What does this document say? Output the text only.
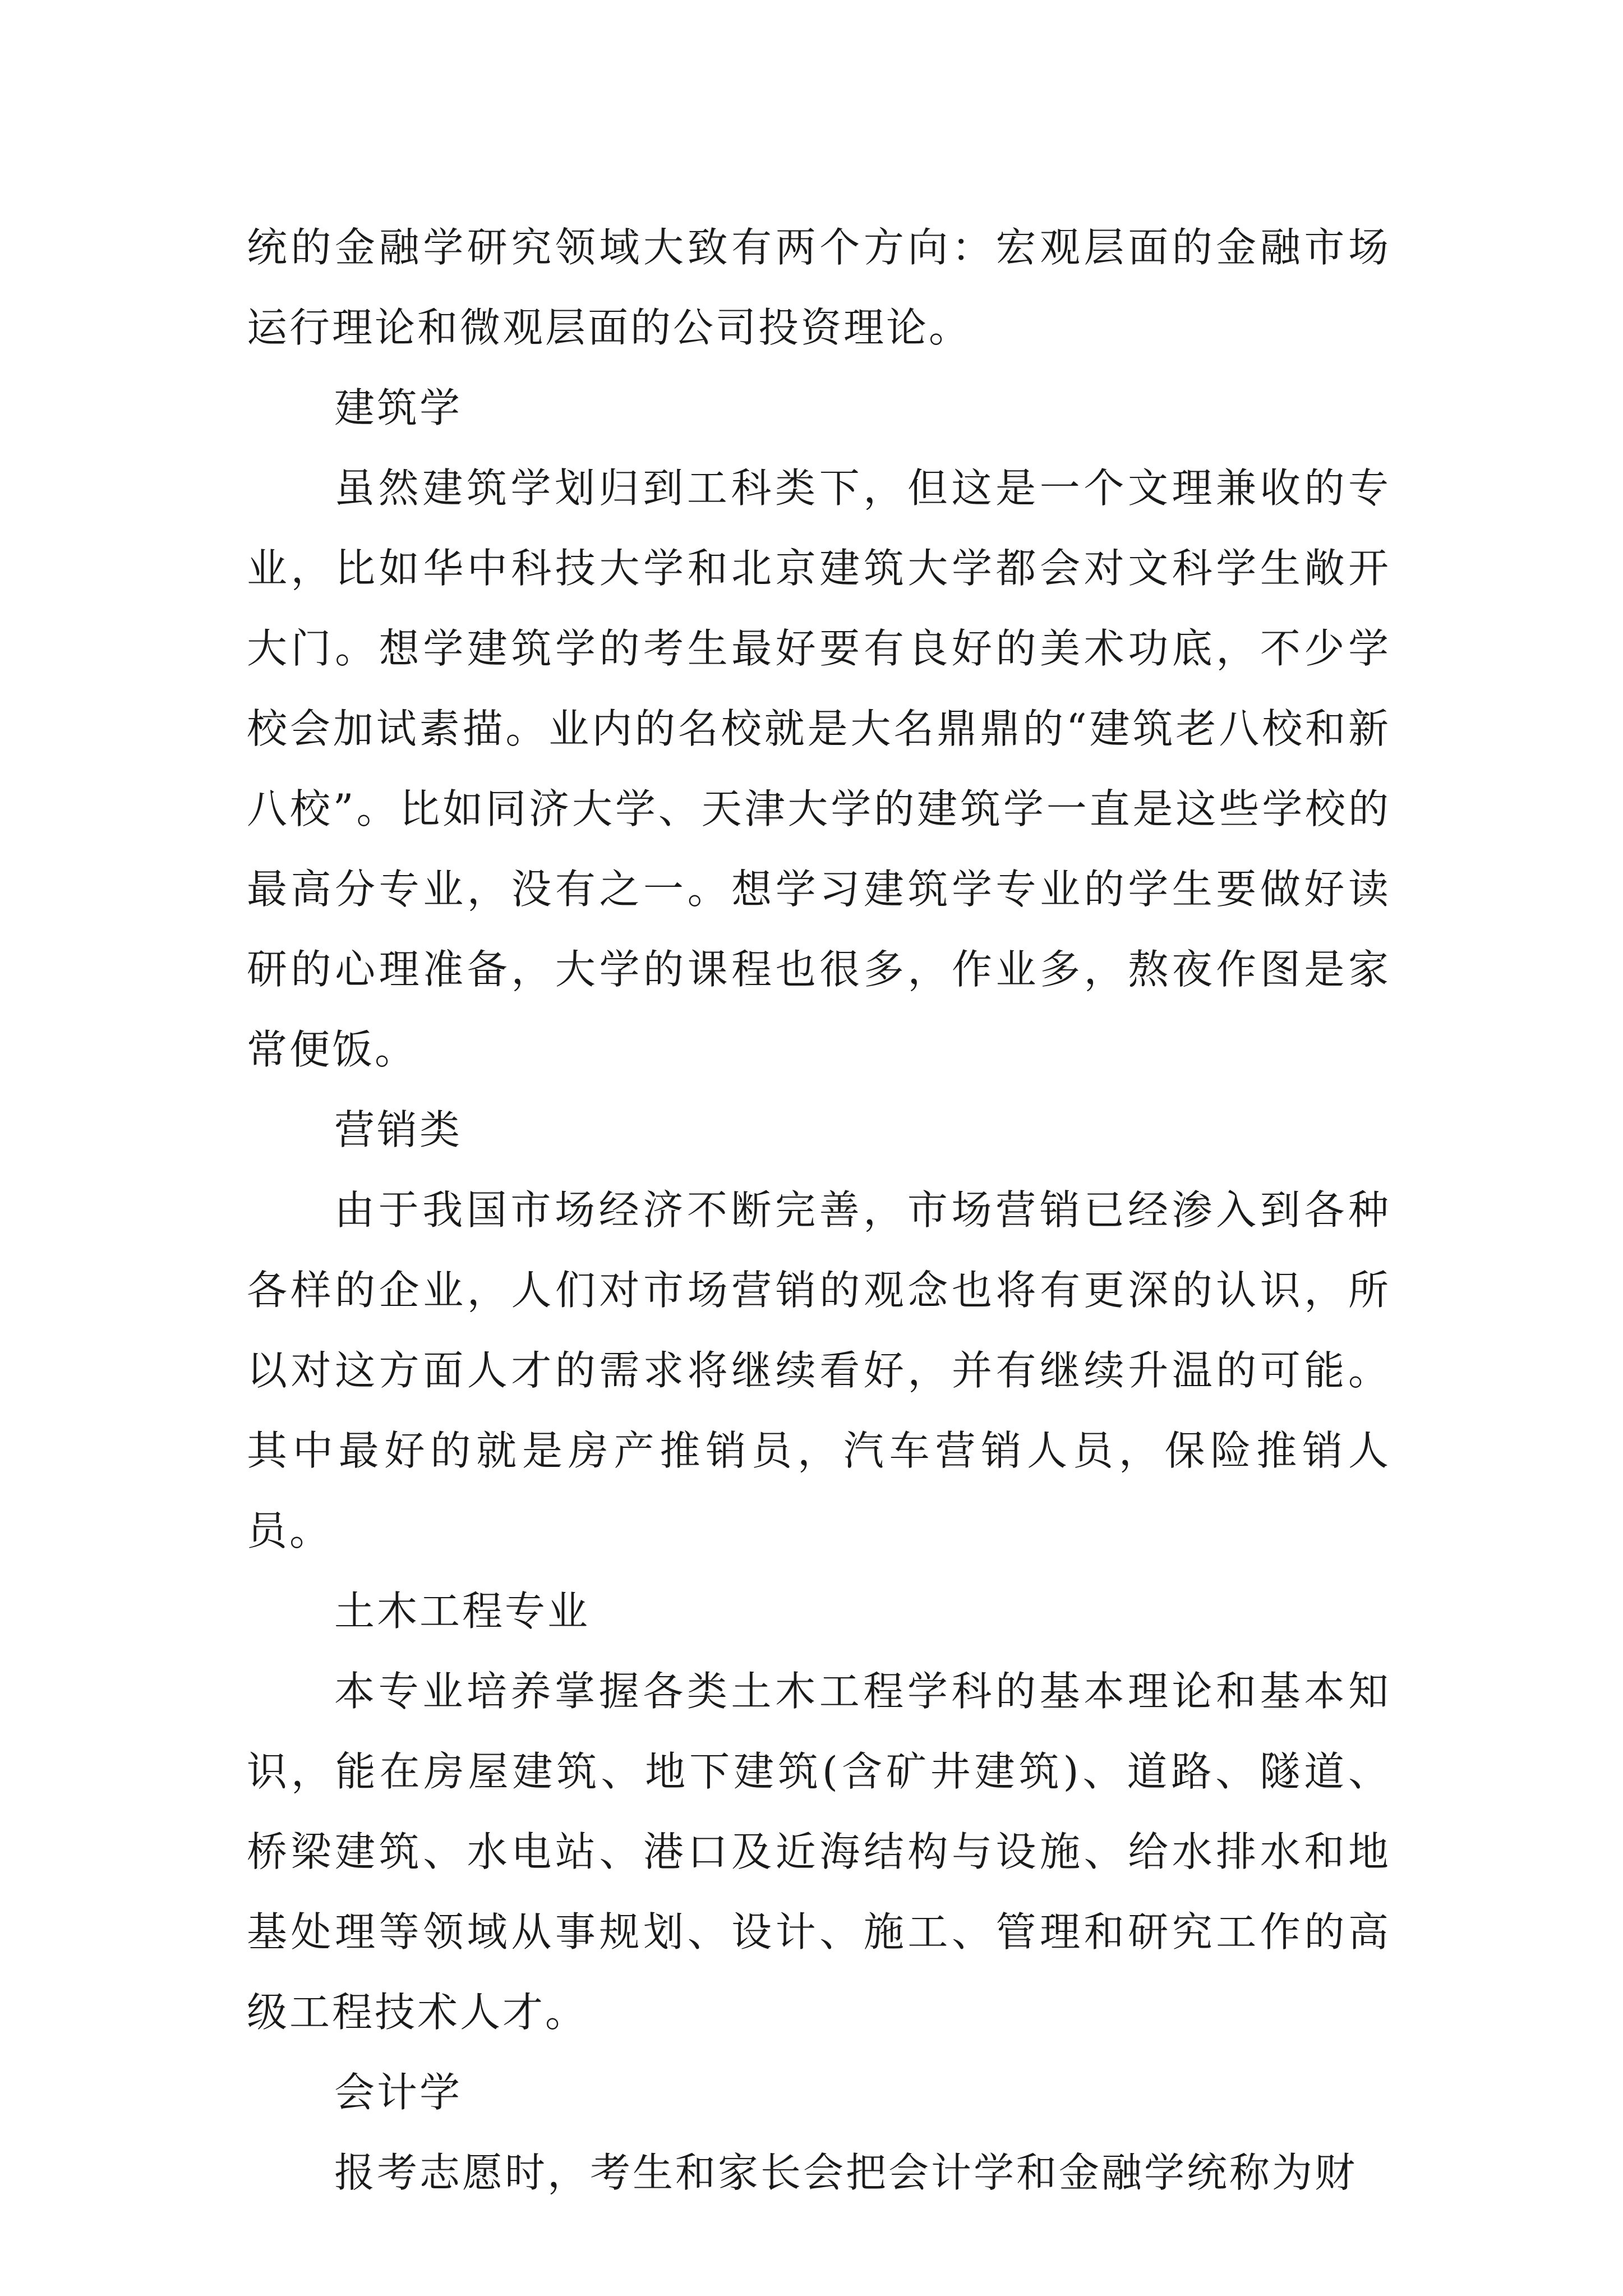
统的金融学研究领域大致有两个方向：宏观层面的金融市场运行理论和微观层面的公司投资理论。

建筑学

虽然建筑学划归到工科类下，但这是一个文理兼收的专业，比如华中科技大学和北京建筑大学都会对文科学生敞开大门。想学建筑学的考生最好要有良好的美术功底，不少学校会加试素描。业内的名校就是大名鼎鼎的“建筑老八校和新八校”。比如同济大学、天津大学的建筑学一直是这些学校的最高分专业，没有之一。想学习建筑学专业的学生要做好读研的心理准备，大学的课程也很多，作业多，熬夜作图是家常便饭。

营销类

由于我国市场经济不断完善，市场营销已经渗入到各种各样的企业，人们对市场营销的观念也将有更深的认识，所以对这方面人才的需求将继续看好，并有继续升温的可能。其中最好的就是房产推销员，汽车营销人员，保险推销人员。

土木工程专业

本专业培养掌握各类土木工程学科的基本理论和基本知识，能在房屋建筑、地下建筑(含矿井建筑)、道路、隧道、桥梁建筑、水电站、港口及近海结构与设施、给水排水和地基处理等领域从事规划、设计、施工、管理和研究工作的高级工程技术人才。

会计学

报考志愿时，考生和家长会把会计学和金融学统称为财
